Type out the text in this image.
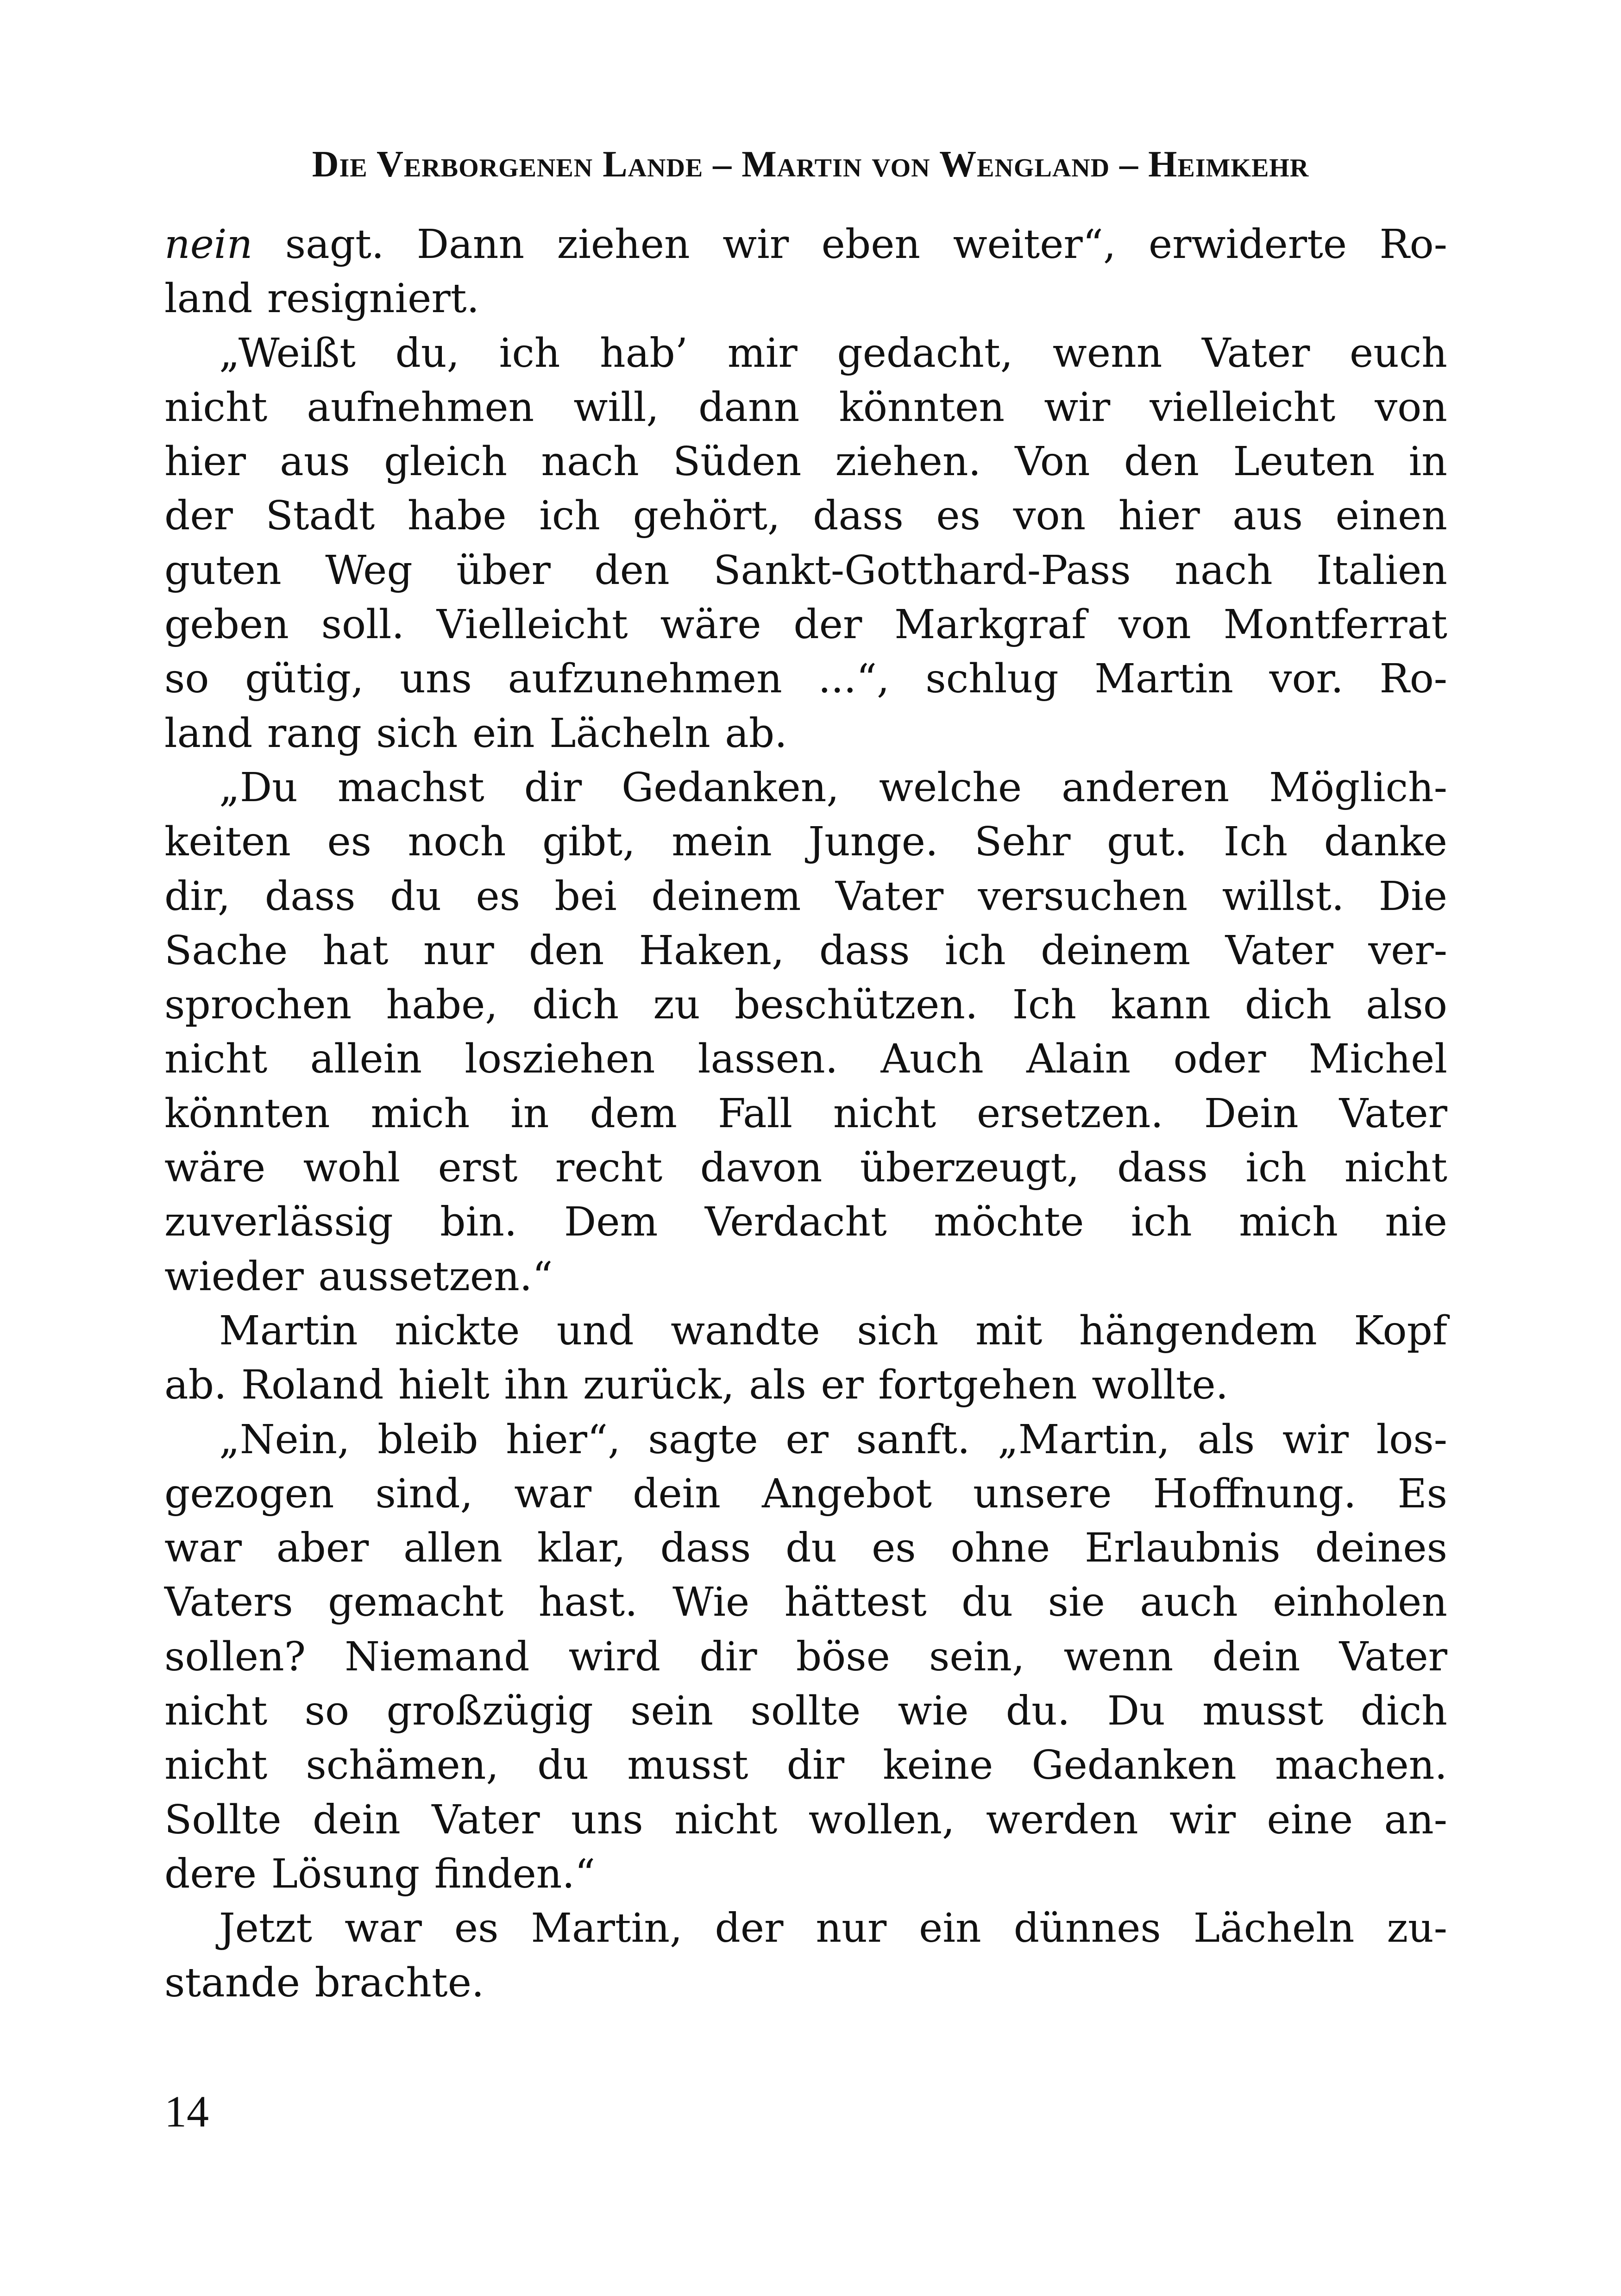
Die Verborgenen Lande – Martin von Wengland – Heimkehr
nein sagt. Dann ziehen wir eben weiter“, erwiderte Ro-
land resigniert.
„Weißt du, ich hab’ mir gedacht, wenn Vater euch
nicht aufnehmen will, dann könnten wir vielleicht von
hier aus gleich nach Süden ziehen. Von den Leuten in
der Stadt habe ich gehört, dass es von hier aus einen
guten Weg über den Sankt-Gotthard-Pass nach Italien
geben soll. Vielleicht wäre der Markgraf von Montferrat
so gütig, uns aufzunehmen ...“, schlug Martin vor. Ro-
land rang sich ein Lächeln ab.
„Du machst dir Gedanken, welche anderen Möglich-
keiten es noch gibt, mein Junge. Sehr gut. Ich danke
dir, dass du es bei deinem Vater versuchen willst. Die
Sache hat nur den Haken, dass ich deinem Vater ver-
sprochen habe, dich zu beschützen. Ich kann dich also
nicht allein losziehen lassen. Auch Alain oder Michel
könnten mich in dem Fall nicht ersetzen. Dein Vater
wäre wohl erst recht davon überzeugt, dass ich nicht
zuverlässig bin. Dem Verdacht möchte ich mich nie
wieder aussetzen.“
Martin nickte und wandte sich mit hängendem Kopf
ab. Roland hielt ihn zurück, als er fortgehen wollte.
„Nein, bleib hier“, sagte er sanft. „Martin, als wir los-
gezogen sind, war dein Angebot unsere Hoffnung. Es
war aber allen klar, dass du es ohne Erlaubnis deines
Vaters gemacht hast. Wie hättest du sie auch einholen
sollen? Niemand wird dir böse sein, wenn dein Vater
nicht so großzügig sein sollte wie du. Du musst dich
nicht schämen, du musst dir keine Gedanken machen.
Sollte dein Vater uns nicht wollen, werden wir eine an-
dere Lösung finden.“
Jetzt war es Martin, der nur ein dünnes Lächeln zu-
stande brachte.
14
